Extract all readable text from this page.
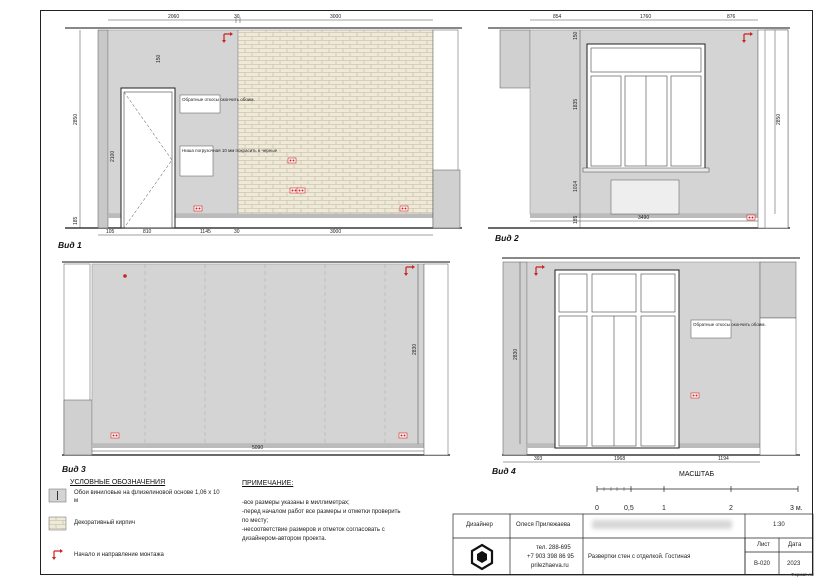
Обратные откосы окончить обоим.
Ниша погрузочная 10 мм покрасить в черные
2060	30	3000
105	810	1145	30	3000
2850
185
150
2100
854	1760	876
3490
150
1835
1014
185
2850
5090
2830
Обратные откосы окончить обоим.
393	1968	1194
2830
0	0,5	1	2	3 м.
Вид 1
Вид 2
Вид 3	Вид 4
УСЛОВНЫЕ ОБОЗНАЧЕНИЯ
Обои виниловые на флизелиновой основе 1,06 х 10 м
Декоративный кирпич
Начало и направление монтажа
ПРИМЕЧАНИЕ:
-все размеры указаны в миллиметрах;
-перед началом работ все размеры и отметки проверить
по месту;
-несоответствие размеров и отметок согласовать с
дизайнером-автором проекта.
МАСШТАБ
Дизайнер	Олеся Прилежаева
тел. 288-695
+7 903 398 86 95
prilezhaeva.ru
Развертки стен с отделкой. Гостиная
1:30
Лист	Дата
В-020	2023
Формат А3
